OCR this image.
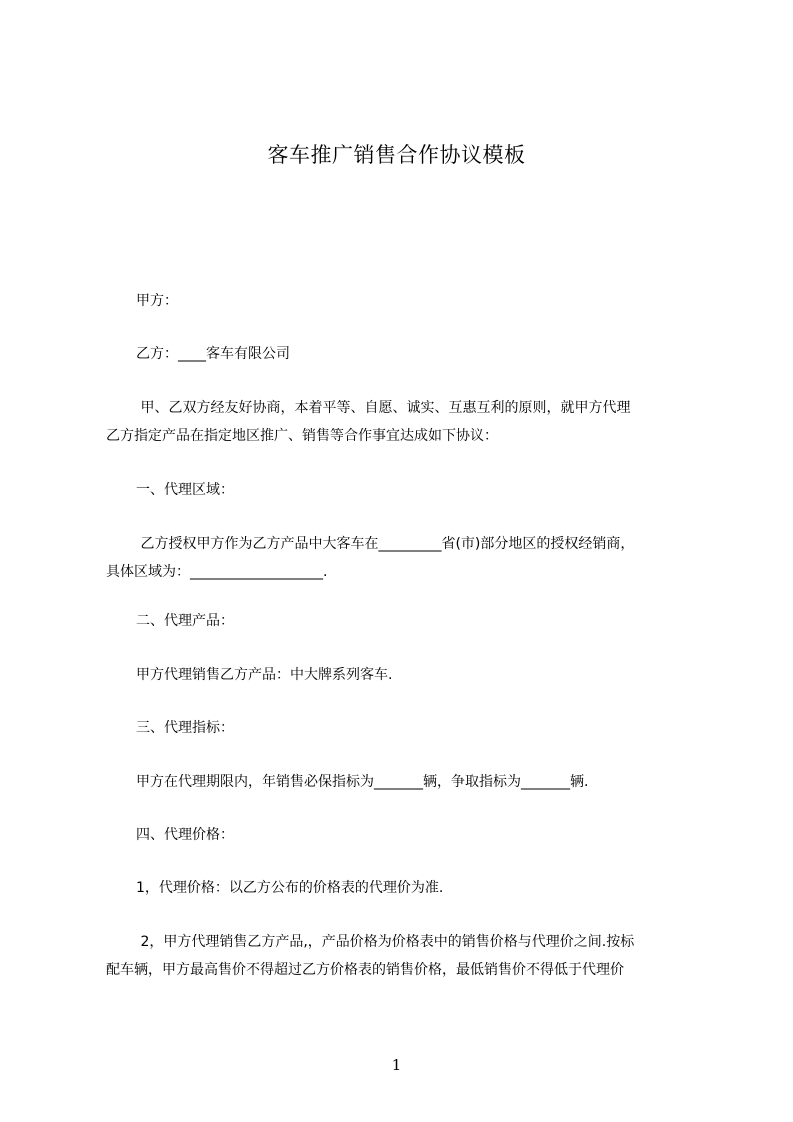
客车推广销售合作协议模板

甲方：

乙方：____客车有限公司

甲、乙双方经友好协商，本着平等、自愿、诚实、互惠互利的原则，就甲方代理

乙方指定产品在指定地区推广、销售等合作事宜达成如下协议：

一、代理区域：

乙方授权甲方作为乙方产品中大客车在_________省(市)部分地区的授权经销商，

具体区域为：___________________.

二、代理产品：

甲方代理销售乙方产品：中大牌系列客车.

三、代理指标：

甲方在代理期限内，年销售必保指标为_______辆，争取指标为_______辆.

四、代理价格：

1，代理价格：以乙方公布的价格表的代理价为准.

2，甲方代理销售乙方产品,，产品价格为价格表中的销售价格与代理价之间.按标

配车辆，甲方最高售价不得超过乙方价格表的销售价格，最低销售价不得低于代理价

1
